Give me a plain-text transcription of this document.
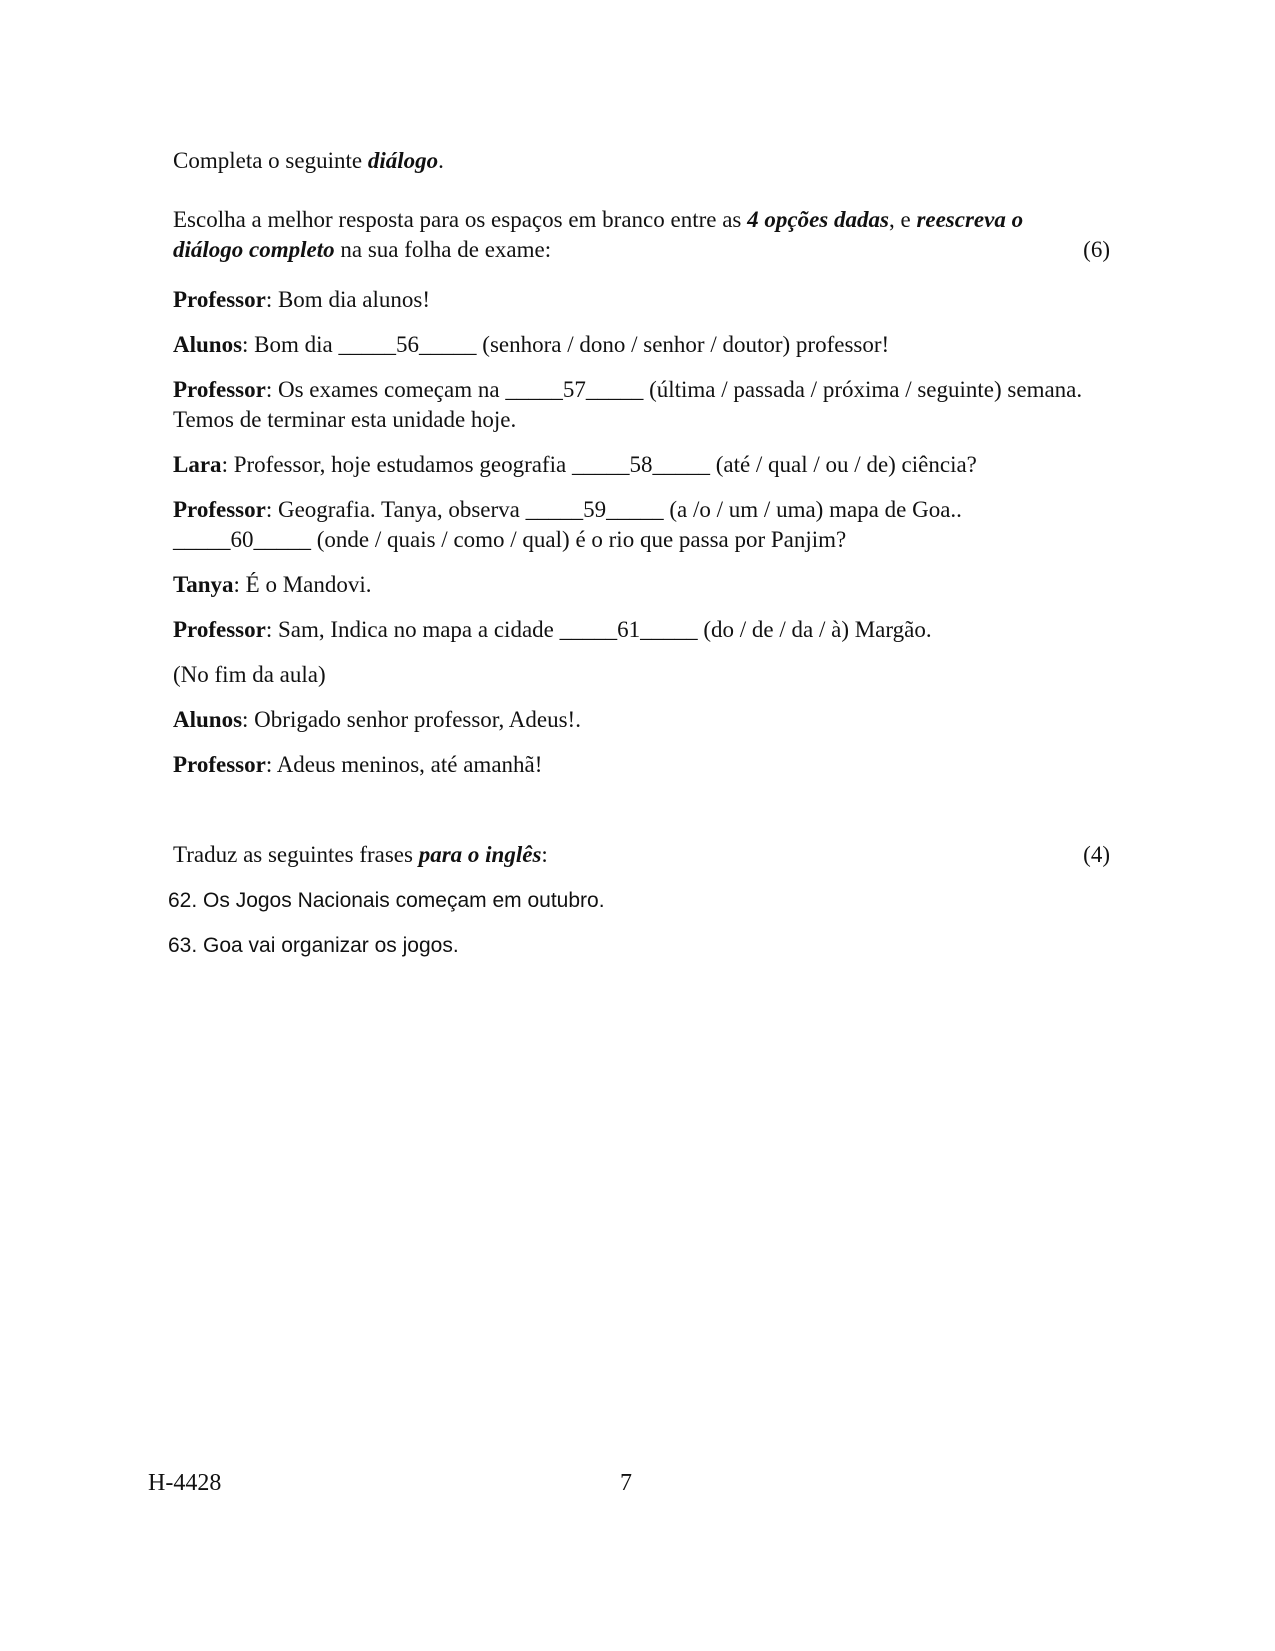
Completa o seguinte diálogo.

Escolha a melhor resposta para os espaços em branco entre as 4 opções dadas, e reescreva o diálogo completo na sua folha de exame:	(6)

Professor: Bom dia alunos!

Alunos: Bom dia _____56_____ (senhora / dono / senhor / doutor) professor!

Professor: Os exames começam na _____57_____ (última / passada / próxima / seguinte) semana. Temos de terminar esta unidade hoje.

Lara: Professor, hoje estudamos geografia _____58_____ (até / qual / ou / de) ciência?

Professor: Geografia. Tanya, observa _____59_____ (a /o / um / uma) mapa de Goa..
_____60_____ (onde / quais / como / qual) é o rio que passa por Panjim?

Tanya: É o Mandovi.

Professor: Sam, Indica no mapa a cidade _____61_____ (do / de / da / à) Margão.

(No fim da aula)

Alunos: Obrigado senhor professor, Adeus!.

Professor: Adeus meninos, até amanhã!

Traduz as seguintes frases para o inglês:	(4)

62. Os Jogos Nacionais começam em outubro.

63. Goa vai organizar os jogos.

H-4428	7
